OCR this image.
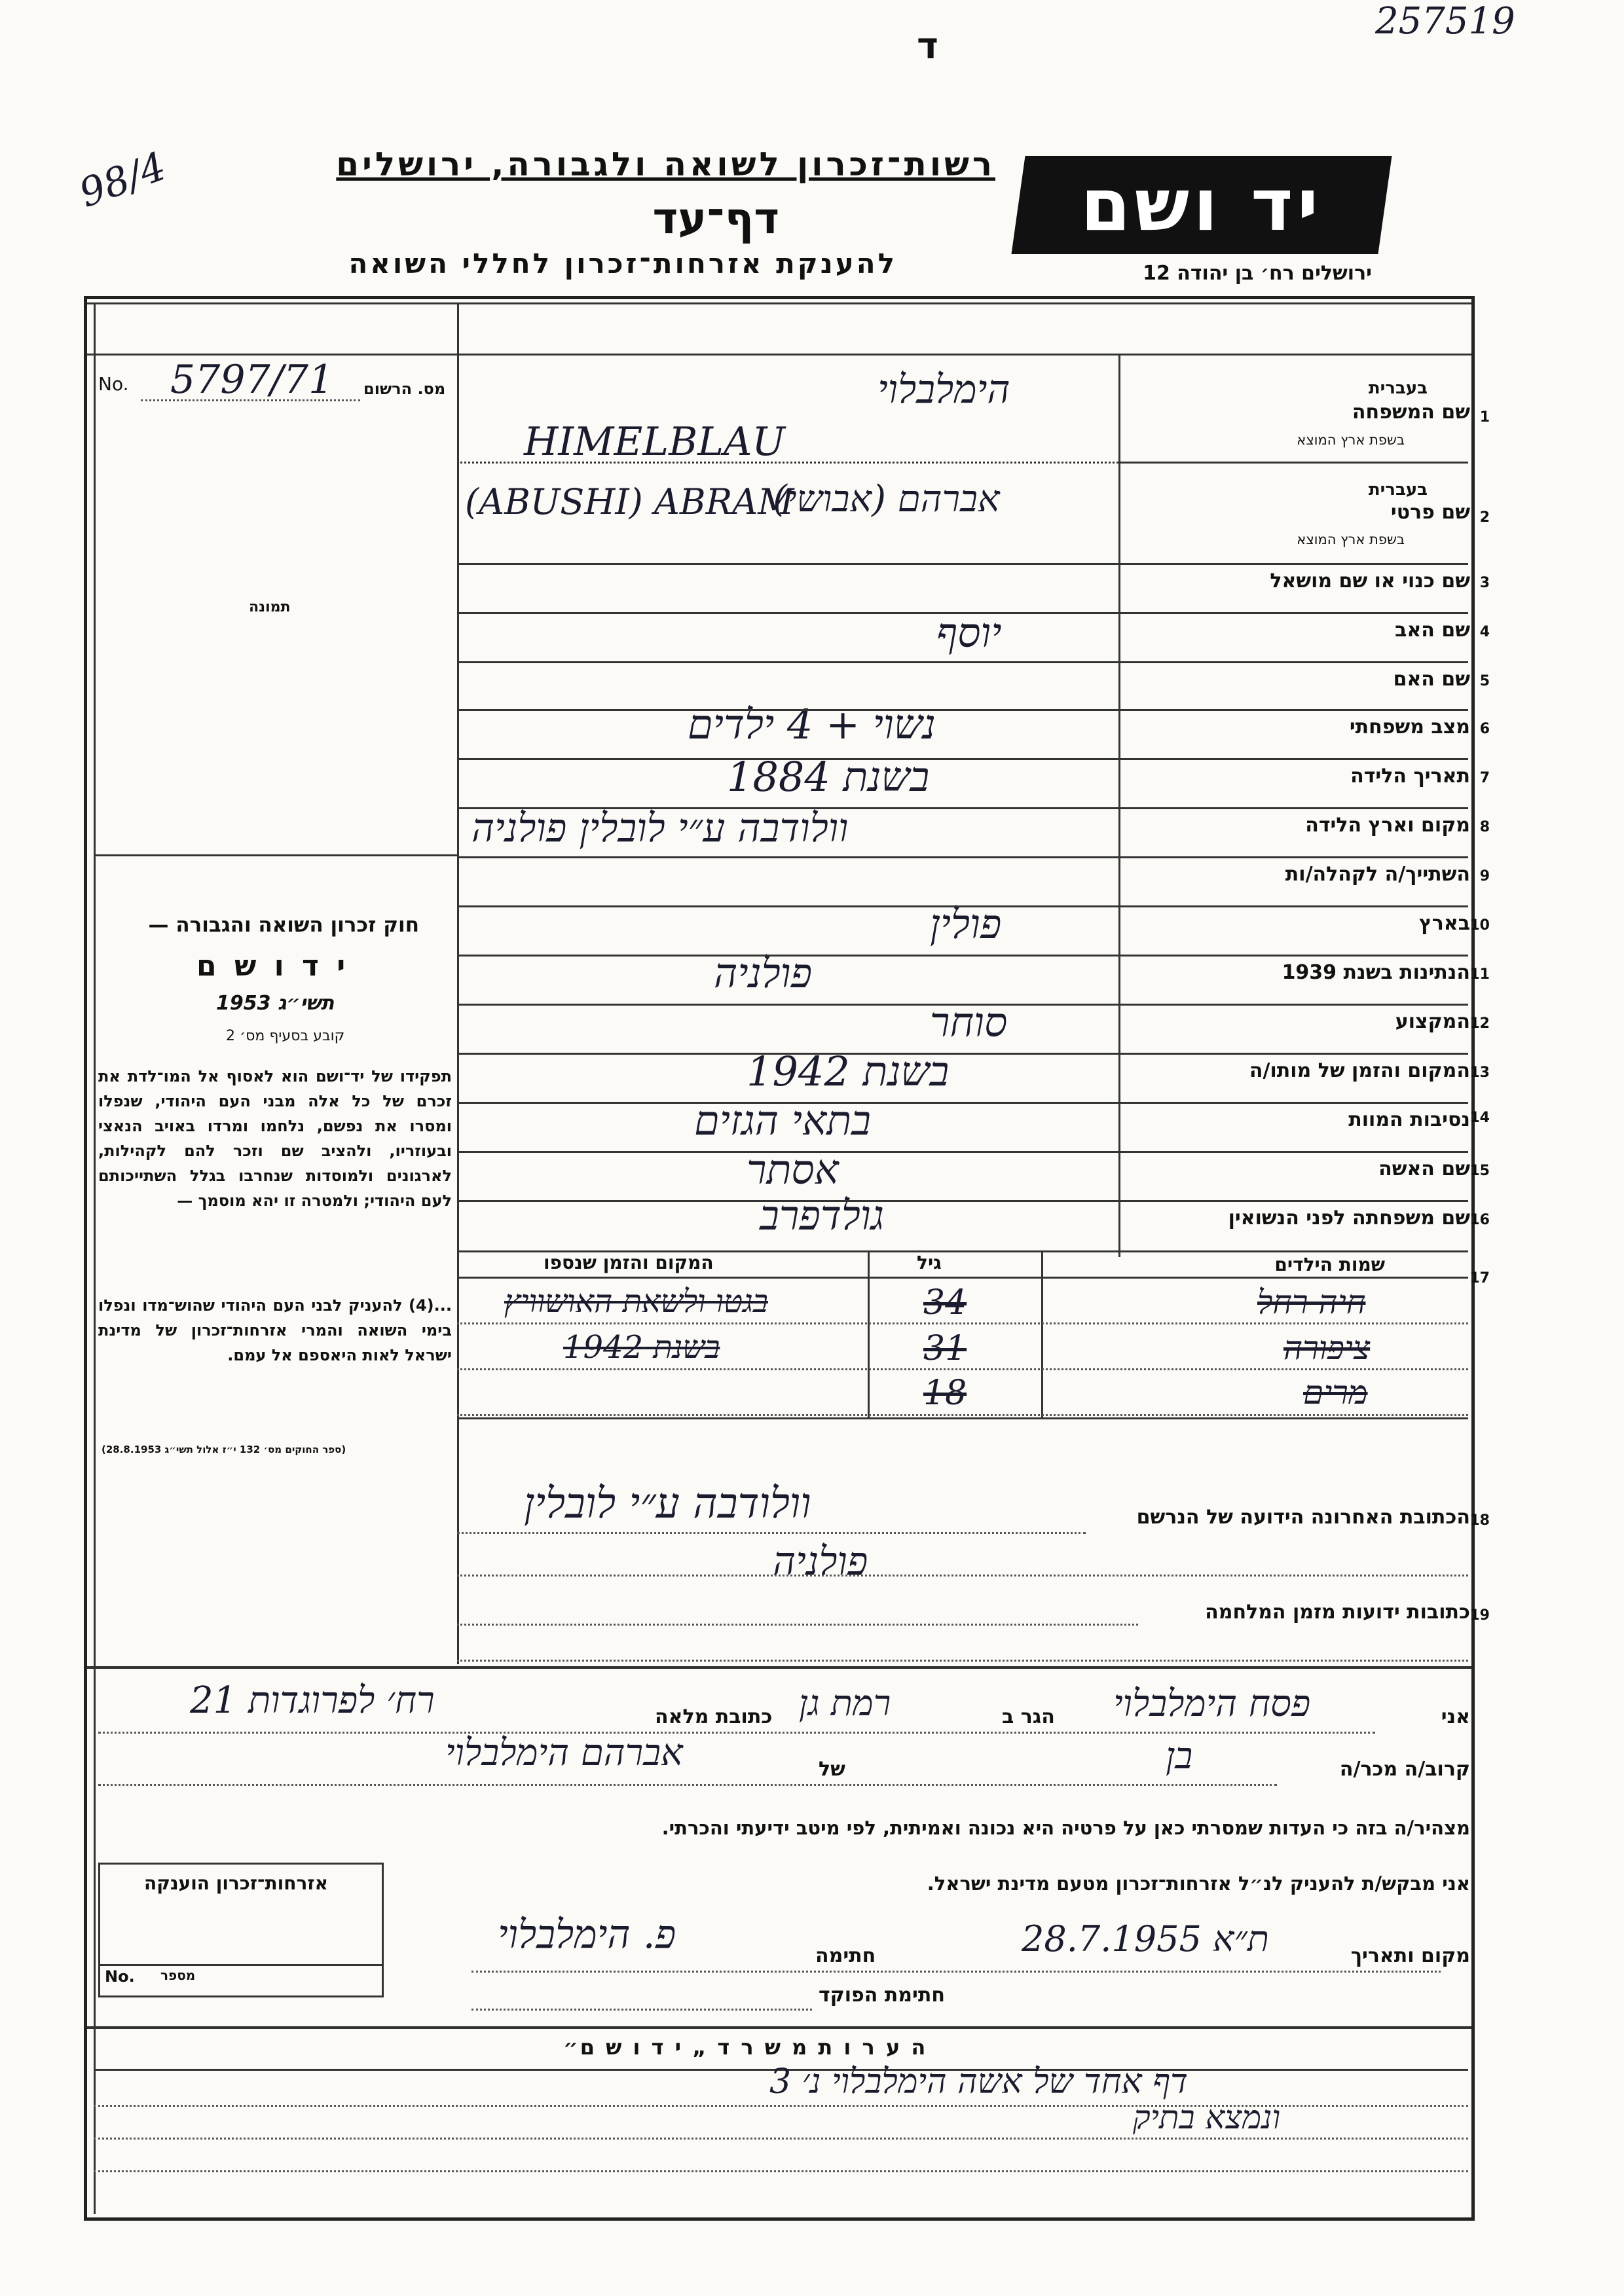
257519
ד
98/4	רשות־זכרון לשואה ולגבורה, ירושלים
דף־עד
להענקת אזרחות־זכרון לחללי השואה
יד ושם
ירושלים רח׳ בן יהודה 12
No. 5797/71 מס. הרשום
תמונה
חוק זכרון השואה והגבורה —
י ד ו ש ם
תשי״ג 1953
קובע בסעיף מס׳ 2
תפקידו של יד־ושם הוא לאסוף אל המו־לדת את זכרם של כל אלה מבני העם היהודי, שנפלו ומסרו את נפשם, נלחמו ומרדו באויב הנאצי ובעוזריו, ולהציב שם וזכר להם לקהילות, לארגונים ולמוסדות שנחרבו בגלל השתייכותם לעם היהודי; ולמטרה זו יהא מוסמך —
...(4) להעניק לבני העם היהודי שהוש־מדו ונפלו בימי השואה והמרי אזרחות־זכרון של מדינת ישראל לאות היאספם אל עמם.
(ספר החוקים מס׳ 132 י״ז אלול תשי״ג 28.8.1953)
שם המשפחה 1
בעברית
בשפת ארץ המוצא
הימלבלוי
HIMELBLAU
שם פרטי 2
בעברית
בשפת ארץ המוצא
אברהם (אבושי)
(ABUSHI) ABRAM
שם כנוי או שם מושאל 3
שם האב 4
יוסף
שם האם 5
מצב משפחתי 6
נשוי + 4 ילדים
תאריך הלידה 7
בשנת 1884
מקום וארץ הלידה 8
וולודבה ע״י לובלין פולניה
השתייך/ה לקהלה/ות 9
בארץ 10
פולין
הנתינות בשנת 1939 11
פולניה
המקצוע 12
סוחר
המקום והזמן של מותו/ה 13
בשנת 1942
נסיבות המוות 14
בתאי הגזים
שם האשה 15
אסתר
שם משפחתה לפני הנשואין 16
גולדפרב
17
שמות הילדים
גיל
המקום והזמן שנספו
חיה רחל
34
בגטו ולשאת האושוויץ
ציפורה
31
בשנת 1942
מרים
18
18
הכתובת האחרונה הידועה של הנרשם
וולודבה ע״י לובלין
פולניה
19
כתובות ידועות מזמן המלחמה
אני
פסח הימלבלוי
הגר ב
רמת גן
כתובת מלאה
רח׳ לפרוגדות 21
קרוב/ה מכר/ה
בן
של
אברהם הימלבלוי
מצהיר/ה בזה כי העדות שמסרתי כאן על פרטיה היא נכונה ואמיתית, לפי מיטב ידיעתי והכרתי.
אני מבקש/ת להעניק לנ״ל אזרחות־זכרון מטעם מדינת ישראל.
מקום ותאריך
ת״א 28.7.1955
חתימה
פ. הימלבלוי
חתימת הפוקד
אזרחות־זכרון הוענקה
No. מספר
ה ע ר ו ת מ ש ר ד „ י ד ו ש ם״
דף אחד של אשה הימלבלוי נ׳ 3
ונמצא בתיק
